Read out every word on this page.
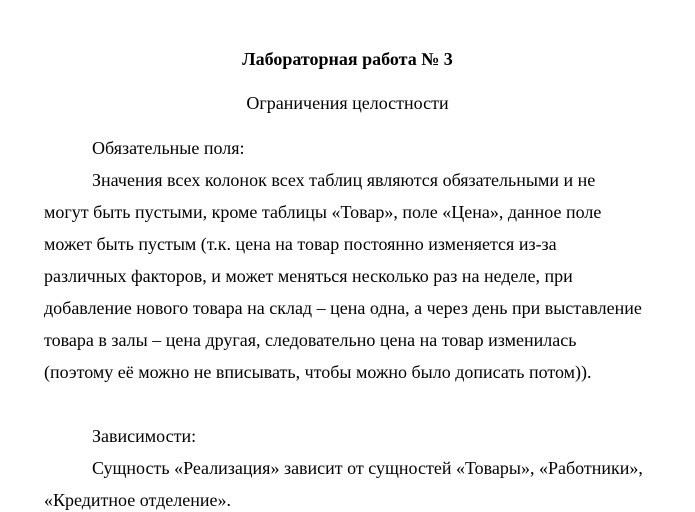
Лабораторная работа № 3
Ограничения целостности
Обязательные поля:
Значения всех колонок всех таблиц являются обязательными и не
могут быть пустыми, кроме таблицы «Товар», поле «Цена», данное поле
может быть пустым (т.к. цена на товар постоянно изменяется из-за
различных факторов, и может меняться несколько раз на неделе, при
добавление нового товара на склад – цена одна, а через день при выставление
товара в залы – цена другая, следовательно цена на товар изменилась
(поэтому её можно не вписывать, чтобы можно было дописать потом)).
Зависимости:
Сущность «Реализация» зависит от сущностей «Товары», «Работники»,
«Кредитное отделение».
